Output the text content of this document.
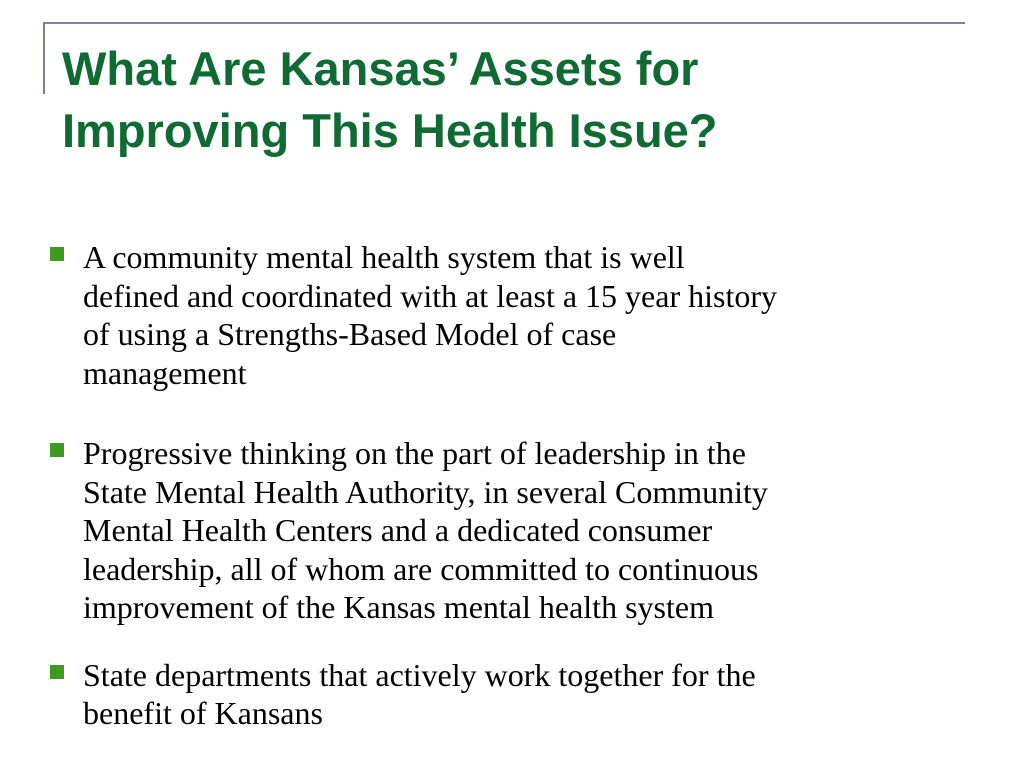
What Are Kansas’ Assets for
Improving This Health Issue?
A community mental health system that is well
defined and coordinated with at least a 15 year history
of using a Strengths-Based Model of case
management
Progressive thinking on the part of leadership in the
State Mental Health Authority, in several Community
Mental Health Centers and a dedicated consumer
leadership, all of whom are committed to continuous
improvement of the Kansas mental health system
State departments that actively work together for the
benefit of Kansans
